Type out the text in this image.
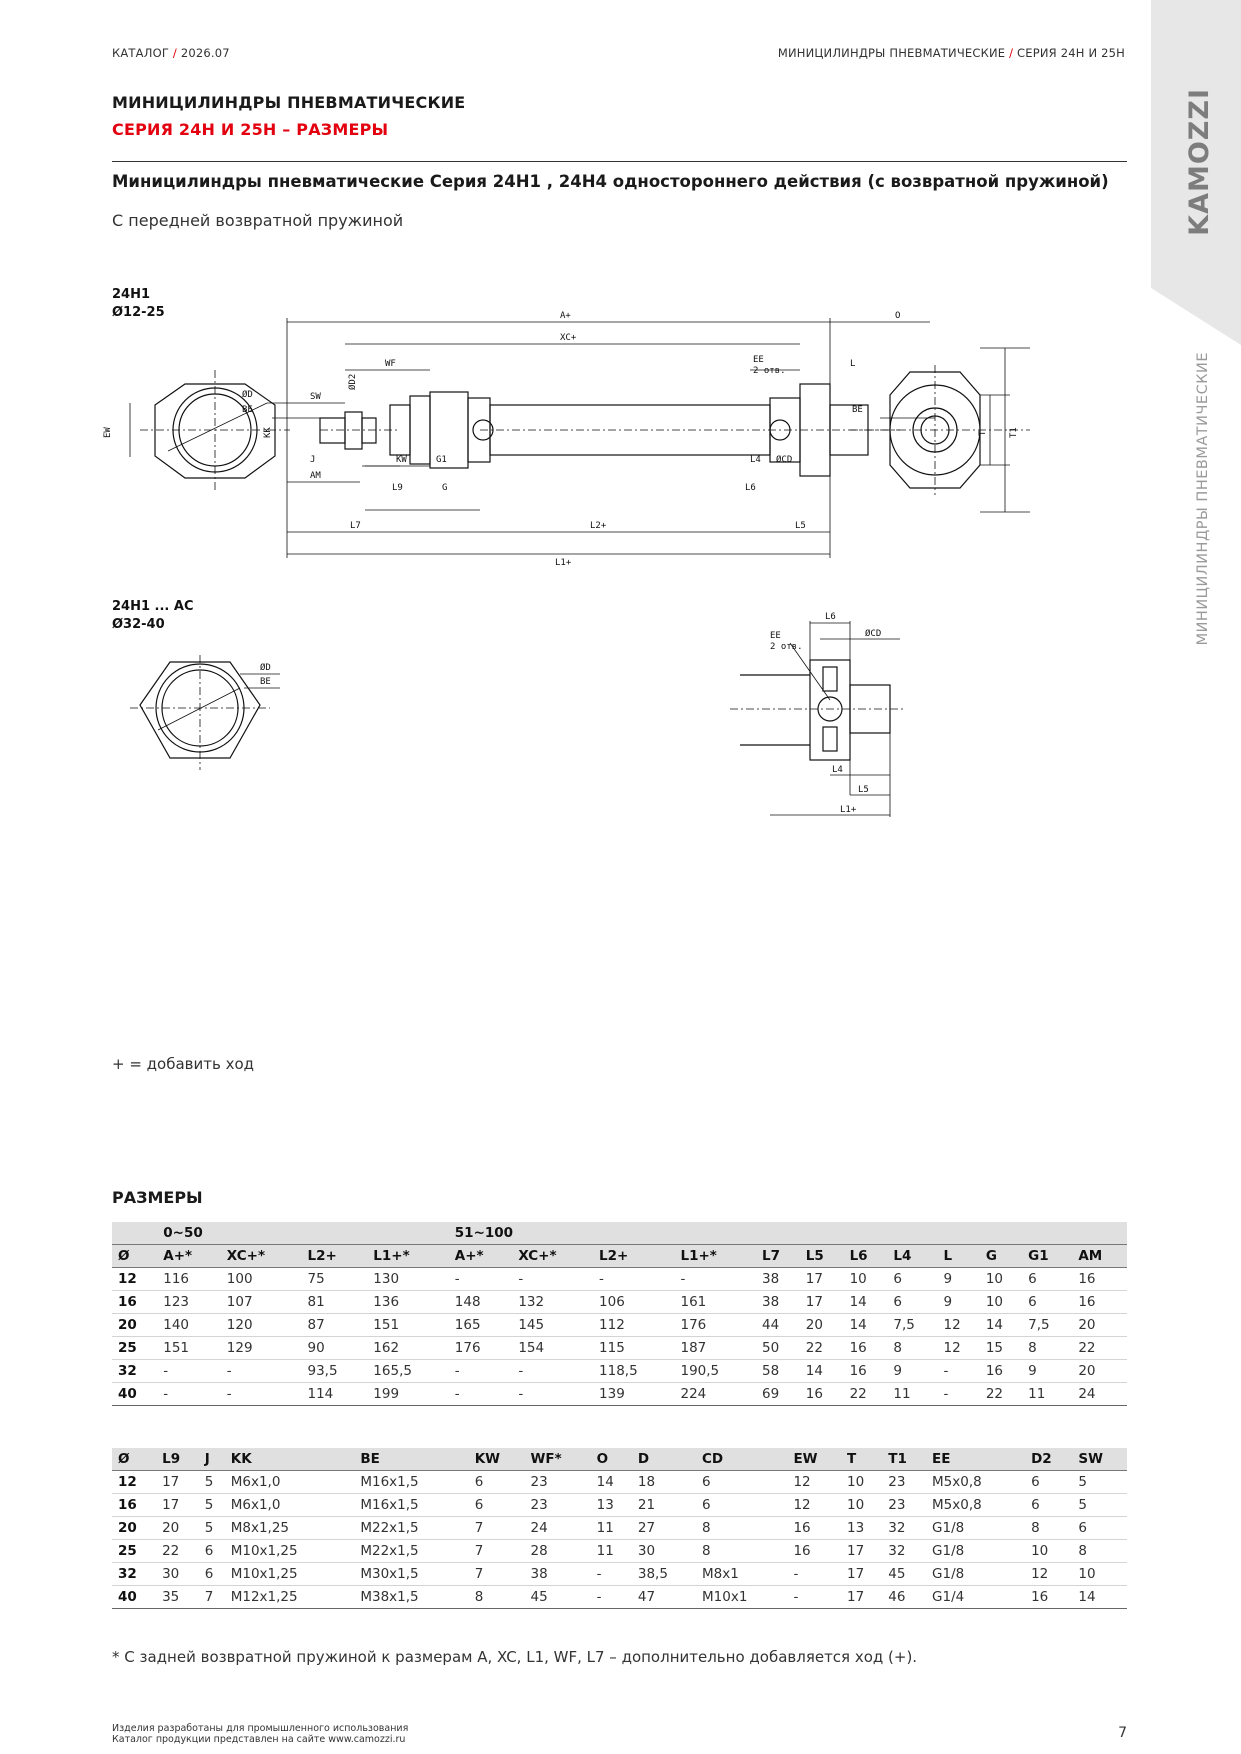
КАТАЛОГ / 2026.07	МИНИЦИЛИНДРЫ ПНЕВМАТИЧЕСКИЕ / СЕРИЯ 24Н И 25Н
KAMOZZI
МИНИЦИЛИНДРЫ ПНЕВМАТИЧЕСКИЕ
МИНИЦИЛИНДРЫ ПНЕВМАТИЧЕСКИЕ
СЕРИЯ 24Н И 25Н – РАЗМЕРЫ
Миницилиндры пневматические Серия 24Н1 , 24Н4 одностороннего действия (с возвратной пружиной)
С передней возвратной пружиной
24H1
Ø12-25	A+	O
XC+
WF	EE
2 отв.
L
SW
ØD2
ØD
BE
EW	KK
J
AM
KW	G1
L9	G
L4 ØCD
L6
L7	L2+	L5
L1+
BE
T T1
24H1 ... AC
Ø32-40
ØD
BE
L6
EE
2 отв.
ØCD
L4
L5
L1+
+ = добавить ход
РАЗМЕРЫ
	0~50				51~100											
Ø	A+*	XC+*	L2+	L1+*	A+*	XC+*	L2+	L1+*	L7	L5	L6	L4	L	G	G1	AM
12	116	100	75	130	-	-	-	-	38	17	10	6	9	10	6	16
16	123	107	81	136	148	132	106	161	38	17	14	6	9	10	6	16
20	140	120	87	151	165	145	112	176	44	20	14	7,5	12	14	7,5	20
25	151	129	90	162	176	154	115	187	50	22	16	8	12	15	8	22
32	-	-	93,5	165,5	-	-	118,5	190,5	58	14	16	9	-	16	9	20
40	-	-	114	199	-	-	139	224	69	16	22	11	-	22	11	24
Ø	L9	J	KK	BE	KW	WF*	O	D	CD	EW	T	T1	EE	D2	SW
12	17	5	M6x1,0	M16x1,5	6	23	14	18	6	12	10	23	M5x0,8	6	5
16	17	5	M6x1,0	M16x1,5	6	23	13	21	6	12	10	23	M5x0,8	6	5
20	20	5	M8x1,25	M22x1,5	7	24	11	27	8	16	13	32	G1/8	8	6
25	22	6	M10x1,25	M22x1,5	7	28	11	30	8	16	17	32	G1/8	10	8
32	30	6	M10x1,25	M30x1,5	7	38	-	38,5	M8x1	-	17	45	G1/8	12	10
40	35	7	M12x1,25	M38x1,5	8	45	-	47	M10x1	-	17	46	G1/4	16	14
* С задней возвратной пружиной к размерам A, XC, L1, WF, L7 – дополнительно добавляется ход (+).
Изделия разработаны для промышленного использования
Каталог продукции представлен на сайте www.camozzi.ru	7
